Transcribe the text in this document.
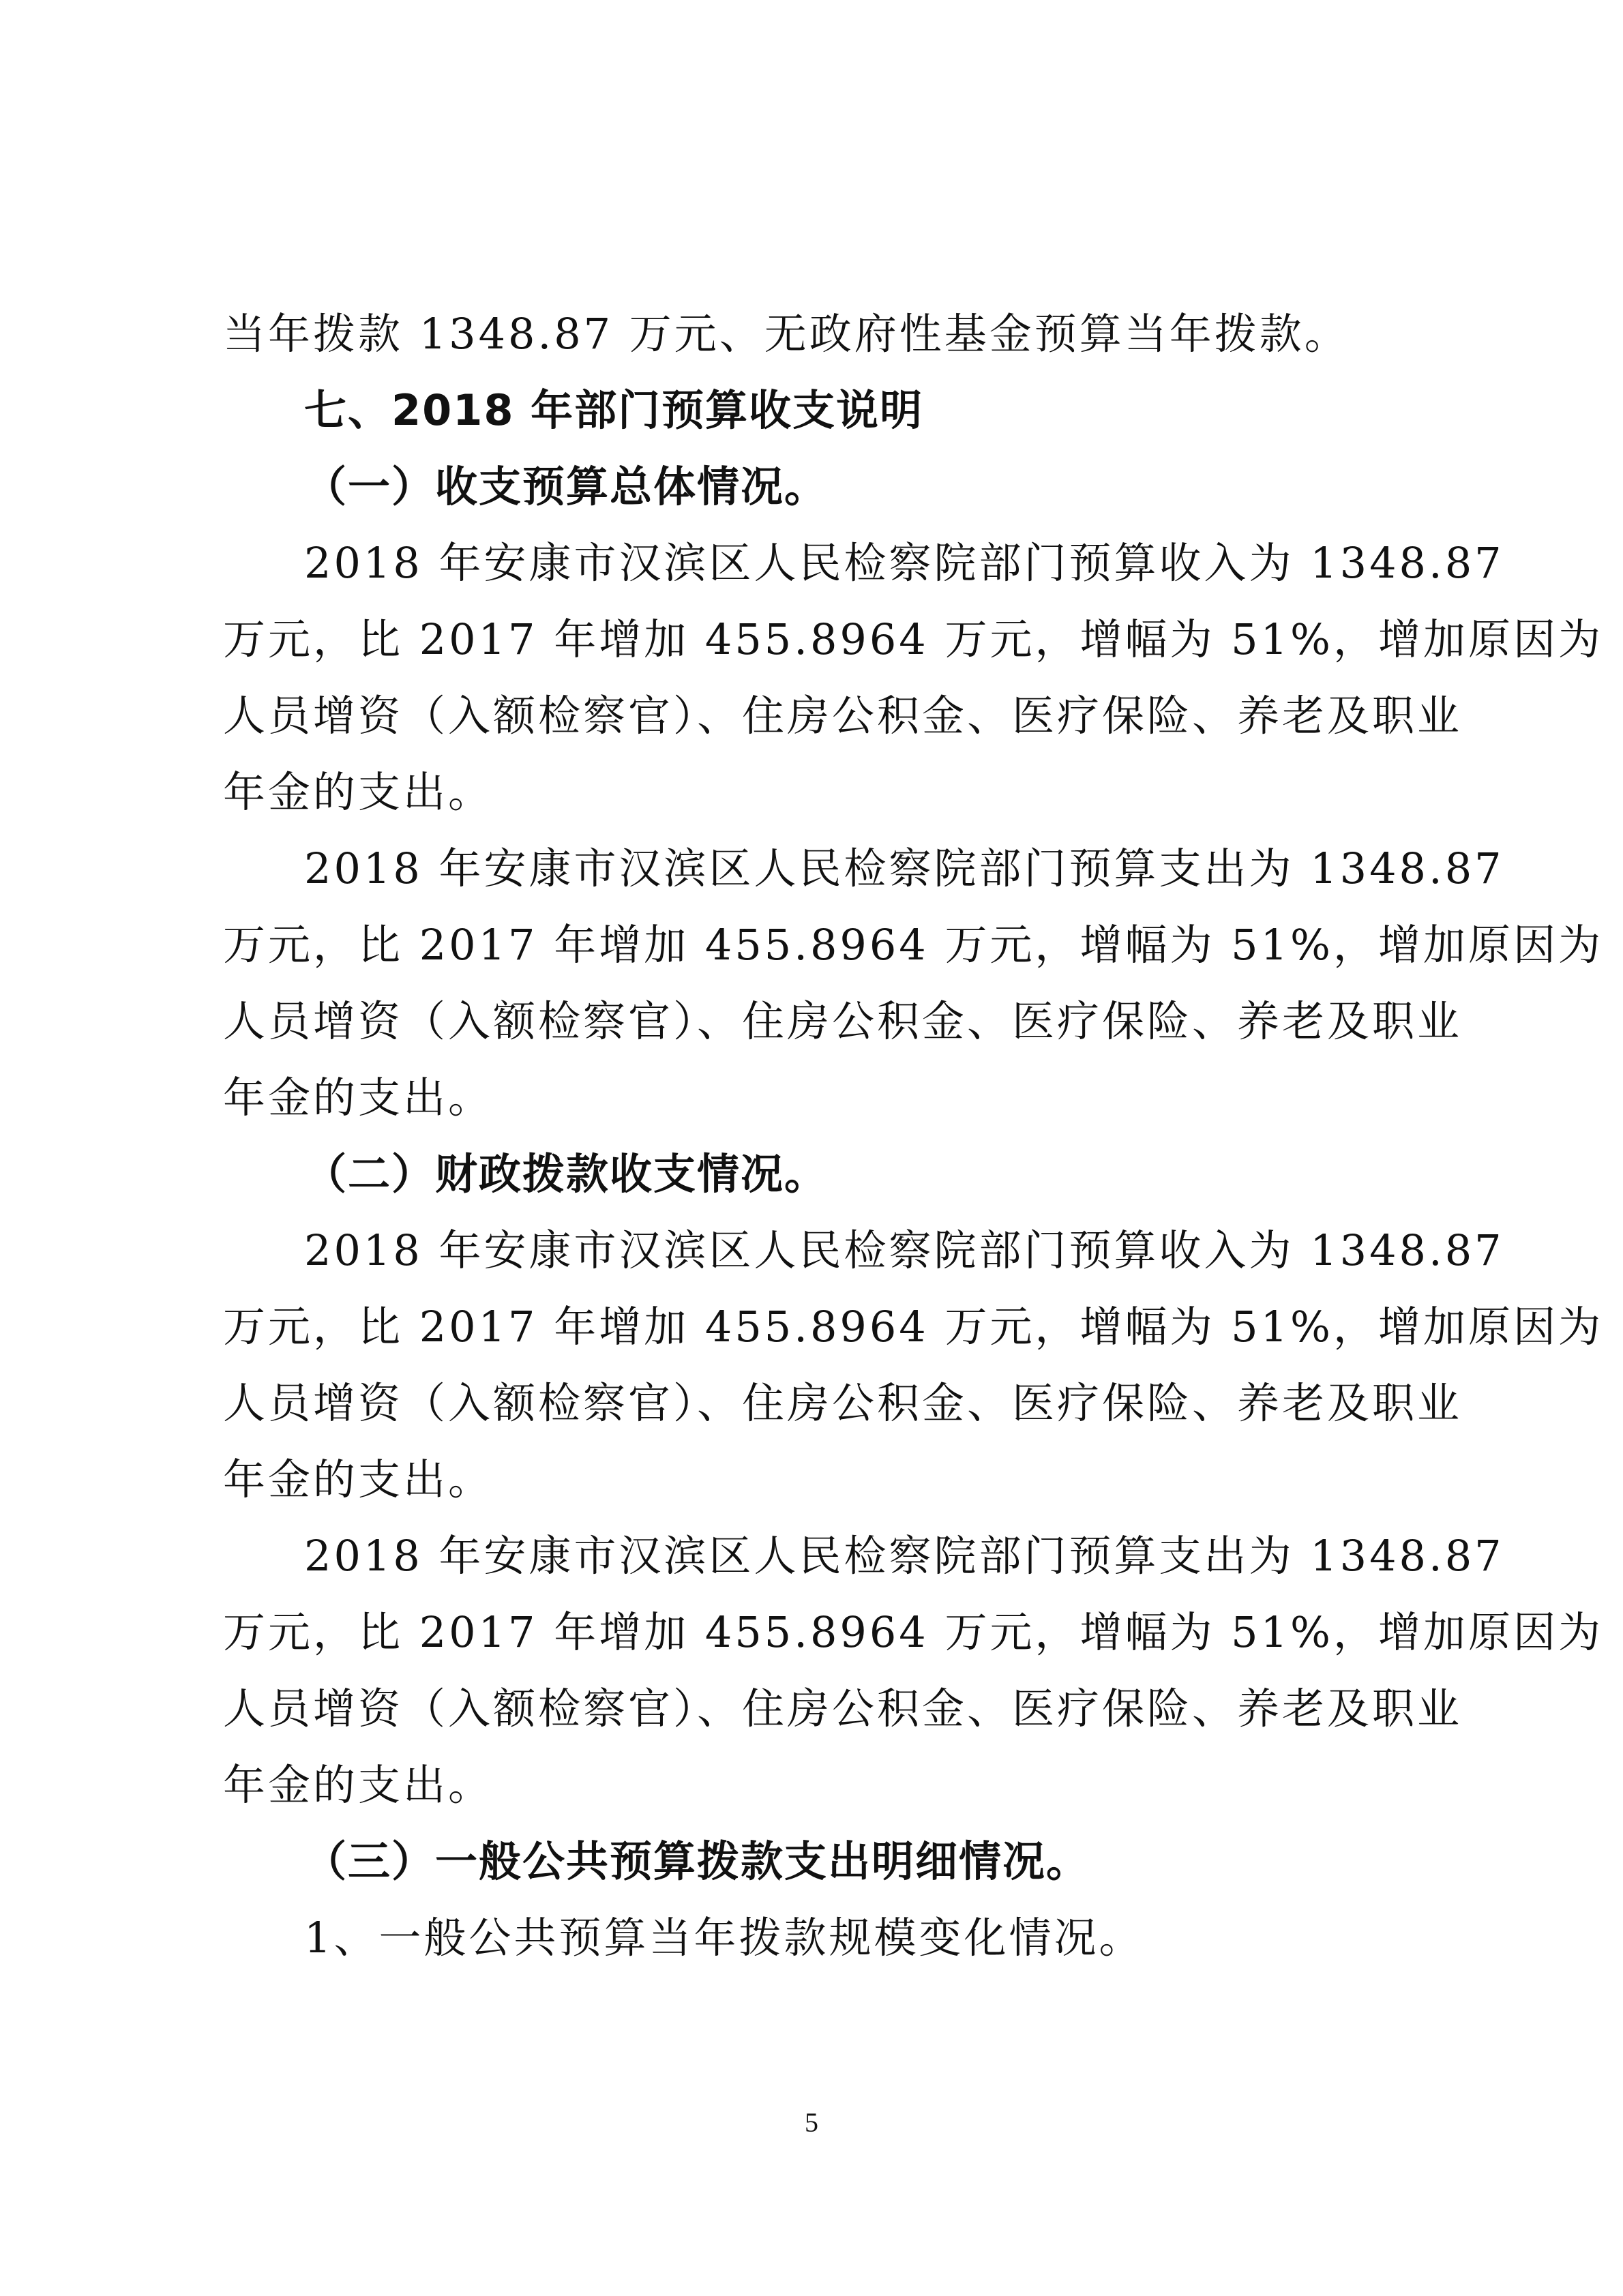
当年拨款 1348.87 万元、无政府性基金预算当年拨款。
七、2018 年部门预算收支说明
（一）收支预算总体情况。
2018 年安康市汉滨区人民检察院部门预算收入为 1348.87
万元，比 2017 年增加 455.8964 万元，增幅为 51%，增加原因为
人员增资（入额检察官）、住房公积金、医疗保险、养老及职业
年金的支出。
2018 年安康市汉滨区人民检察院部门预算支出为 1348.87
万元，比 2017 年增加 455.8964 万元，增幅为 51%，增加原因为
人员增资（入额检察官）、住房公积金、医疗保险、养老及职业
年金的支出。
（二）财政拨款收支情况。
2018 年安康市汉滨区人民检察院部门预算收入为 1348.87
万元，比 2017 年增加 455.8964 万元，增幅为 51%，增加原因为
人员增资（入额检察官）、住房公积金、医疗保险、养老及职业
年金的支出。
2018 年安康市汉滨区人民检察院部门预算支出为 1348.87
万元，比 2017 年增加 455.8964 万元，增幅为 51%，增加原因为
人员增资（入额检察官）、住房公积金、医疗保险、养老及职业
年金的支出。
（三）一般公共预算拨款支出明细情况。
1、一般公共预算当年拨款规模变化情况。
5
